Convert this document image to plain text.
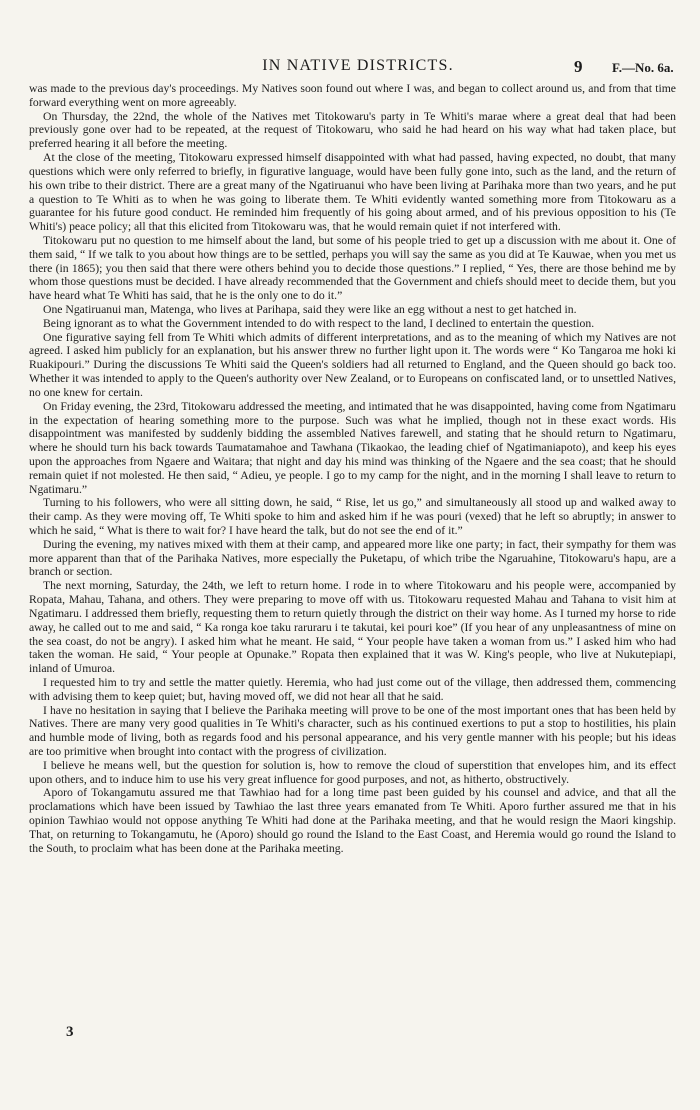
IN NATIVE DISTRICTS.	9 F.—No. 6a.

was made to the previous day's proceedings. My Natives soon found out where I was, and began to collect around us, and from that time forward everything went on more agreeably.

On Thursday, the 22nd, the whole of the Natives met Titokowaru's party in Te Whiti's marae where a great deal that had been previously gone over had to be repeated, at the request of Titokowaru, who said he had heard on his way what had taken place, but preferred hearing it all before the meeting.

At the close of the meeting, Titokowaru expressed himself disappointed with what had passed, having expected, no doubt, that many questions which were only referred to briefly, in figurative language, would have been fully gone into, such as the land, and the return of his own tribe to their district. There are a great many of the Ngatiruanui who have been living at Parihaka more than two years, and he put a question to Te Whiti as to when he was going to liberate them. Te Whiti evidently wanted something more from Titokowaru as a guarantee for his future good conduct. He reminded him frequently of his going about armed, and of his previous opposition to his (Te Whiti's) peace policy; all that this elicited from Titokowaru was, that he would remain quiet if not interfered with.

Titokowaru put no question to me himself about the land, but some of his people tried to get up a discussion with me about it. One of them said, “ If we talk to you about how things are to be settled, perhaps you will say the same as you did at Te Kauwae, when you met us there (in 1865); you then said that there were others behind you to decide those questions.” I replied, “ Yes, there are those behind me by whom those questions must be decided. I have already recommended that the Government and chiefs should meet to decide them, but you have heard what Te Whiti has said, that he is the only one to do it.”

One Ngatiruanui man, Matenga, who lives at Parihapa, said they were like an egg without a nest to get hatched in.

Being ignorant as to what the Government intended to do with respect to the land, I declined to entertain the question.

One figurative saying fell from Te Whiti which admits of different interpretations, and as to the meaning of which my Natives are not agreed. I asked him publicly for an explanation, but his answer threw no further light upon it. The words were “ Ko Tangaroa me hoki ki Ruakipouri.” During the discussions Te Whiti said the Queen's soldiers had all returned to England, and the Queen should go back too. Whether it was intended to apply to the Queen's authority over New Zealand, or to Europeans on confiscated land, or to unsettled Natives, no one knew for certain.

On Friday evening, the 23rd, Titokowaru addressed the meeting, and intimated that he was disappointed, having come from Ngatimaru in the expectation of hearing something more to the purpose. Such was what he implied, though not in these exact words. His disappointment was manifested by suddenly bidding the assembled Natives farewell, and stating that he should return to Ngatimaru, where he should turn his back towards Taumatamahoe and Tawhana (Tikaokao, the leading chief of Ngatimaniapoto), and keep his eyes upon the approaches from Ngaere and Waitara; that night and day his mind was thinking of the Ngaere and the sea coast; that he should remain quiet if not molested. He then said, “ Adieu, ye people. I go to my camp for the night, and in the morning I shall leave to return to Ngatimaru.”

Turning to his followers, who were all sitting down, he said, “ Rise, let us go,” and simultaneously all stood up and walked away to their camp. As they were moving off, Te Whiti spoke to him and asked him if he was pouri (vexed) that he left so abruptly; in answer to which he said, “ What is there to wait for? I have heard the talk, but do not see the end of it.”

During the evening, my natives mixed with them at their camp, and appeared more like one party; in fact, their sympathy for them was more apparent than that of the Parihaka Natives, more especially the Puketapu, of which tribe the Ngaruahine, Titokowaru's hapu, are a branch or section.

The next morning, Saturday, the 24th, we left to return home. I rode in to where Titokowaru and his people were, accompanied by Ropata, Mahau, Tahana, and others. They were preparing to move off with us. Titokowaru requested Mahau and Tahana to visit him at Ngatimaru. I addressed them briefly, requesting them to return quietly through the district on their way home. As I turned my horse to ride away, he called out to me and said, “ Ka ronga koe taku raruraru i te takutai, kei pouri koe” (If you hear of any unpleasantness of mine on the sea coast, do not be angry). I asked him what he meant. He said, “ Your people have taken a woman from us.” I asked him who had taken the woman. He said, “ Your people at Opunake.” Ropata then explained that it was W. King's people, who live at Nukutepiapi, inland of Umuroa.

I requested him to try and settle the matter quietly. Heremia, who had just come out of the village, then addressed them, commencing with advising them to keep quiet; but, having moved off, we did not hear all that he said.

I have no hesitation in saying that I believe the Parihaka meeting will prove to be one of the most important ones that has been held by Natives. There are many very good qualities in Te Whiti's character, such as his continued exertions to put a stop to hostilities, his plain and humble mode of living, both as regards food and his personal appearance, and his very gentle manner with his people; but his ideas are too primitive when brought into contact with the progress of civilization.

I believe he means well, but the question for solution is, how to remove the cloud of superstition that envelopes him, and its effect upon others, and to induce him to use his very great influence for good purposes, and not, as hitherto, obstructively.

Aporo of Tokangamutu assured me that Tawhiao had for a long time past been guided by his counsel and advice, and that all the proclamations which have been issued by Tawhiao the last three years emanated from Te Whiti. Aporo further assured me that in his opinion Tawhiao would not oppose anything Te Whiti had done at the Parihaka meeting, and that he would resign the Maori kingship. That, on returning to Tokangamutu, he (Aporo) should go round the Island to the East Coast, and Heremia would go round the Island to the South, to proclaim what has been done at the Parihaka meeting.

3
